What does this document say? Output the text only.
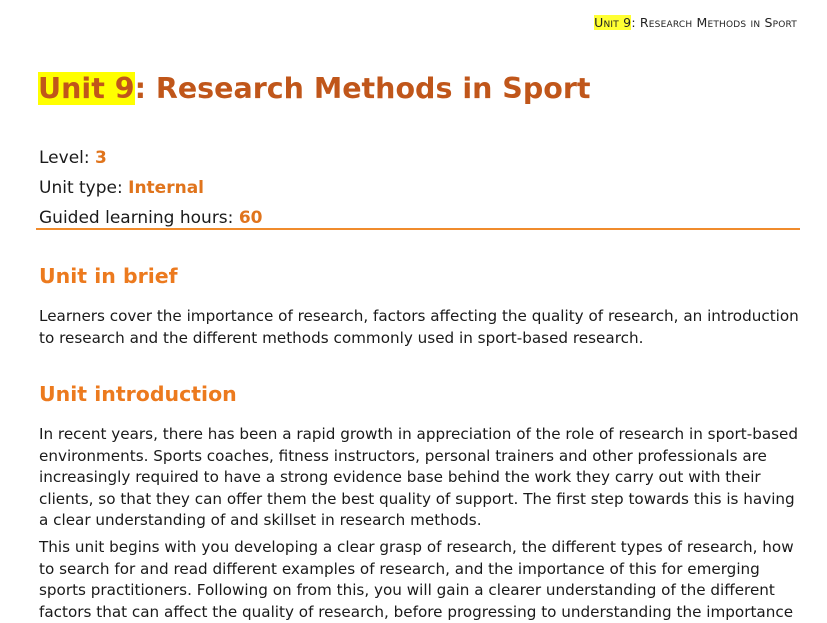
Unit 9: Research Methods in Sport
Unit 9: Research Methods in Sport
Level: 3
Unit type: Internal
Guided learning hours: 60
Unit in brief

Learners cover the importance of research, factors affecting the quality of research, an introduction to research and the different methods commonly used in sport-based research.

Unit introduction

In recent years, there has been a rapid growth in appreciation of the role of research in sport-based environments. Sports coaches, fitness instructors, personal trainers and other professionals are increasingly required to have a strong evidence base behind the work they carry out with their clients, so that they can offer them the best quality of support. The first step towards this is having a clear understanding of and skillset in research methods.

This unit begins with you developing a clear grasp of research, the different types of research, how to search for and read different examples of research, and the importance of this for emerging sports practitioners. Following on from this, you will gain a clearer understanding of the different factors that can affect the quality of research, before progressing to understanding the importance
